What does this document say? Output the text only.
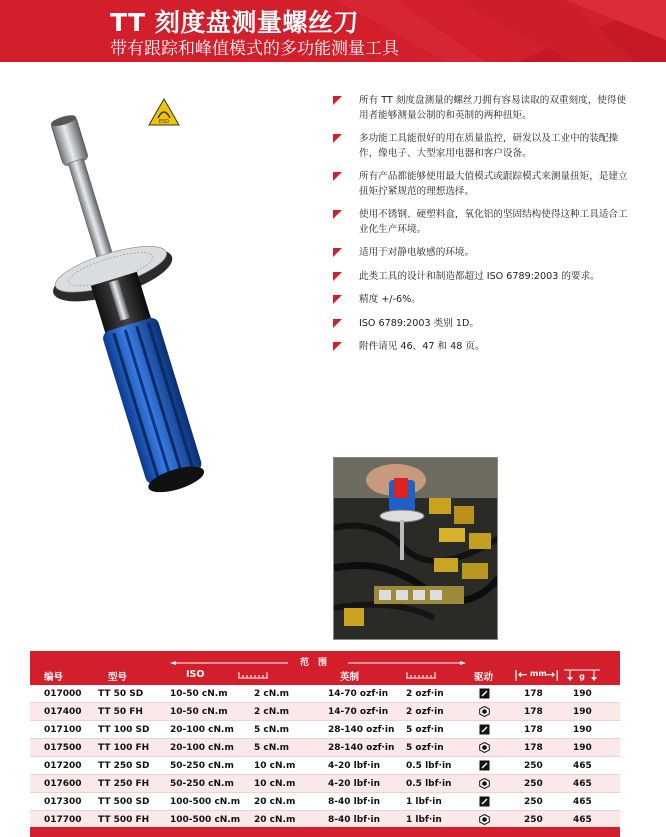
TT 刻度盘测量螺丝刀
带有跟踪和峰值模式的多功能测量工具
ESD
所有 TT 刻度盘测量的螺丝刀拥有容易读取的双重刻度，使得使用者能够测量公制的和英制的两种扭矩。
多功能工具能很好的用在质量监控，研发以及工业中的装配操作，像电子、大型家用电器和客户设备。
所有产品都能够使用最大值模式或跟踪模式来测量扭矩，是建立扭矩拧紧规范的理想选择。
使用不锈钢、硬塑料盒，氧化铝的坚固结构使得这种工具适合工业化生产环境。
适用于对静电敏感的环境。
此类工具的设计和制造都超过 ISO 6789:2003 的要求。
精度 +/-6%。
ISO 6789:2003 类别 1D。
附件请见 46、47 和 48 页。
范　围
编号	型号	ISO	英制	驱动 |← mm →| g
017000 TT 50 SD	10-50 cN.m	2 cN.m	14-70 ozf·in 2 ozf·in	178	190
017400 TT 50 FH	10-50 cN.m	2 cN.m	14-70 ozf·in 2 ozf·in	178	190
017100 TT 100 SD 20-100 cN.m 5 cN.m	28-140 ozf·in 5 ozf·in	178	190
017500 TT 100 FH 20-100 cN.m 5 cN.m	28-140 ozf·in 5 ozf·in	178	190
017200 TT 250 SD 50-250 cN.m 10 cN.m	4-20 lbf·in	0.5 lbf·in	250	465
017600 TT 250 FH 50-250 cN.m 10 cN.m	4-20 lbf·in	0.5 lbf·in	250	465
017300 TT 500 SD 100-500 cN.m 20 cN.m	8-40 lbf·in	1 lbf·in	250	465
017700 TT 500 FH 100-500 cN.m 20 cN.m	8-40 lbf·in	1 lbf·in	250	465
